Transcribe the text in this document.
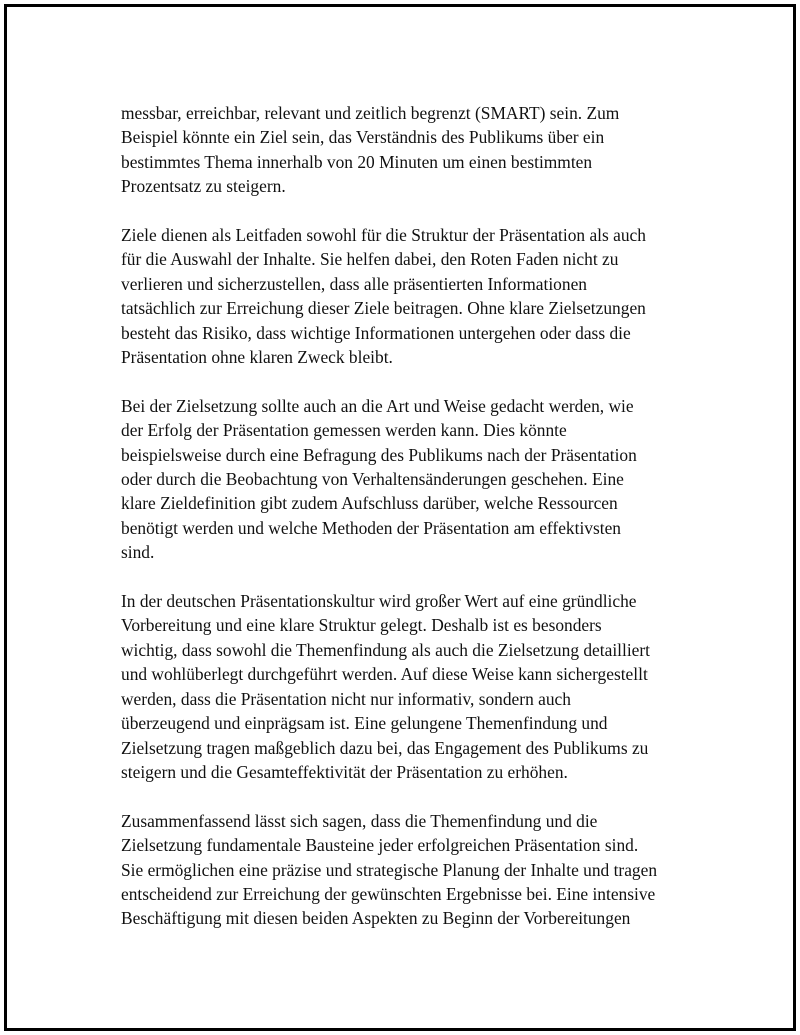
messbar, erreichbar, relevant und zeitlich begrenzt (SMART) sein. Zum
Beispiel könnte ein Ziel sein, das Verständnis des Publikums über ein
bestimmtes Thema innerhalb von 20 Minuten um einen bestimmten
Prozentsatz zu steigern.

Ziele dienen als Leitfaden sowohl für die Struktur der Präsentation als auch
für die Auswahl der Inhalte. Sie helfen dabei, den Roten Faden nicht zu
verlieren und sicherzustellen, dass alle präsentierten Informationen
tatsächlich zur Erreichung dieser Ziele beitragen. Ohne klare Zielsetzungen
besteht das Risiko, dass wichtige Informationen untergehen oder dass die
Präsentation ohne klaren Zweck bleibt.

Bei der Zielsetzung sollte auch an die Art und Weise gedacht werden, wie
der Erfolg der Präsentation gemessen werden kann. Dies könnte
beispielsweise durch eine Befragung des Publikums nach der Präsentation
oder durch die Beobachtung von Verhaltensänderungen geschehen. Eine
klare Zieldefinition gibt zudem Aufschluss darüber, welche Ressourcen
benötigt werden und welche Methoden der Präsentation am effektivsten
sind.

In der deutschen Präsentationskultur wird großer Wert auf eine gründliche
Vorbereitung und eine klare Struktur gelegt. Deshalb ist es besonders
wichtig, dass sowohl die Themenfindung als auch die Zielsetzung detailliert
und wohlüberlegt durchgeführt werden. Auf diese Weise kann sichergestellt
werden, dass die Präsentation nicht nur informativ, sondern auch
überzeugend und einprägsam ist. Eine gelungene Themenfindung und
Zielsetzung tragen maßgeblich dazu bei, das Engagement des Publikums zu
steigern und die Gesamteffektivität der Präsentation zu erhöhen.

Zusammenfassend lässt sich sagen, dass die Themenfindung und die
Zielsetzung fundamentale Bausteine jeder erfolgreichen Präsentation sind.
Sie ermöglichen eine präzise und strategische Planung der Inhalte und tragen
entscheidend zur Erreichung der gewünschten Ergebnisse bei. Eine intensive
Beschäftigung mit diesen beiden Aspekten zu Beginn der Vorbereitungen
